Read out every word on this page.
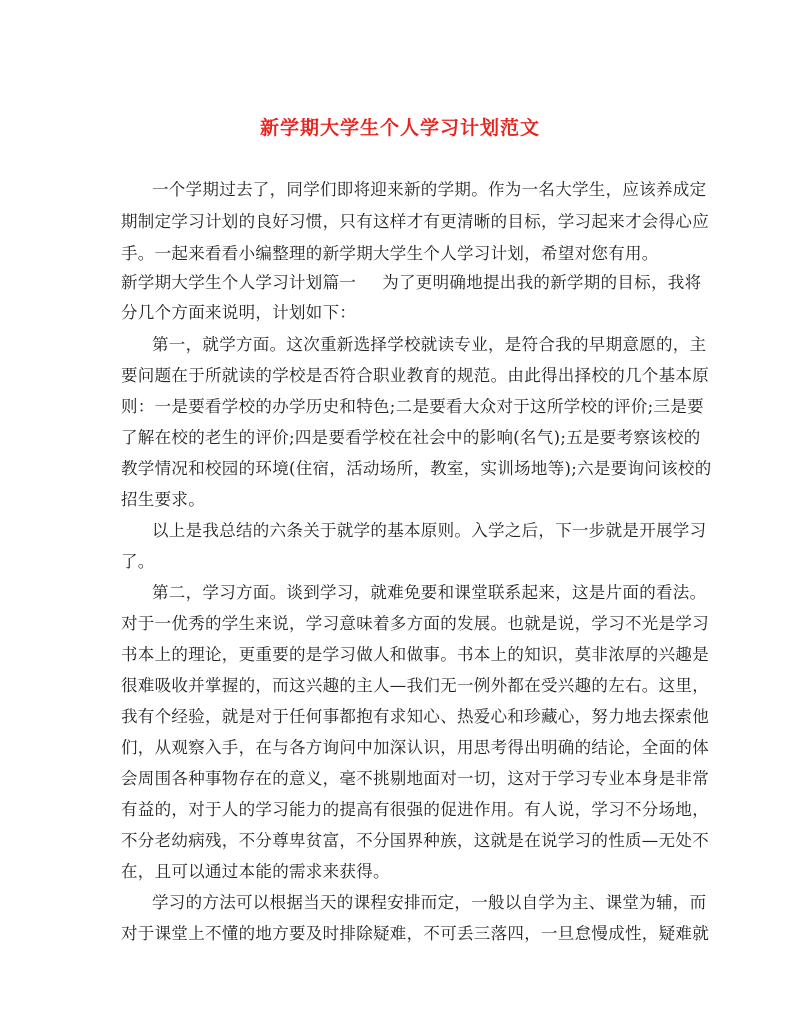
新学期大学生个人学习计划范文
一个学期过去了，同学们即将迎来新的学期。作为一名大学生，应该养成定
期制定学习计划的良好习惯，只有这样才有更清晰的目标，学习起来才会得心应
手。一起来看看小编整理的新学期大学生个人学习计划，希望对您有用。
新学期大学生个人学习计划篇一 为了更明确地提出我的新学期的目标，我将
分几个方面来说明，计划如下：
第一，就学方面。这次重新选择学校就读专业，是符合我的早期意愿的，主
要问题在于所就读的学校是否符合职业教育的规范。由此得出择校的几个基本原
则：一是要看学校的办学历史和特色;二是要看大众对于这所学校的评价;三是要
了解在校的老生的评价;四是要看学校在社会中的影响(名气);五是要考察该校的
教学情况和校园的环境(住宿，活动场所，教室，实训场地等);六是要询问该校的
招生要求。
以上是我总结的六条关于就学的基本原则。入学之后，下一步就是开展学习
了。
第二，学习方面。谈到学习，就难免要和课堂联系起来，这是片面的看法。
对于一优秀的学生来说，学习意味着多方面的发展。也就是说，学习不光是学习
书本上的理论，更重要的是学习做人和做事。书本上的知识，莫非浓厚的兴趣是
很难吸收并掌握的，而这兴趣的主人—我们无一例外都在受兴趣的左右。这里，
我有个经验，就是对于任何事都抱有求知心、热爱心和珍藏心，努力地去探索他
们，从观察入手，在与各方询问中加深认识，用思考得出明确的结论，全面的体
会周围各种事物存在的意义，毫不挑剔地面对一切，这对于学习专业本身是非常
有益的，对于人的学习能力的提高有很强的促进作用。有人说，学习不分场地，
不分老幼病残，不分尊卑贫富，不分国界种族，这就是在说学习的性质—无处不
在，且可以通过本能的需求来获得。
学习的方法可以根据当天的课程安排而定，一般以自学为主、课堂为辅，而
对于课堂上不懂的地方要及时排除疑难，不可丢三落四，一旦怠慢成性，疑难就
